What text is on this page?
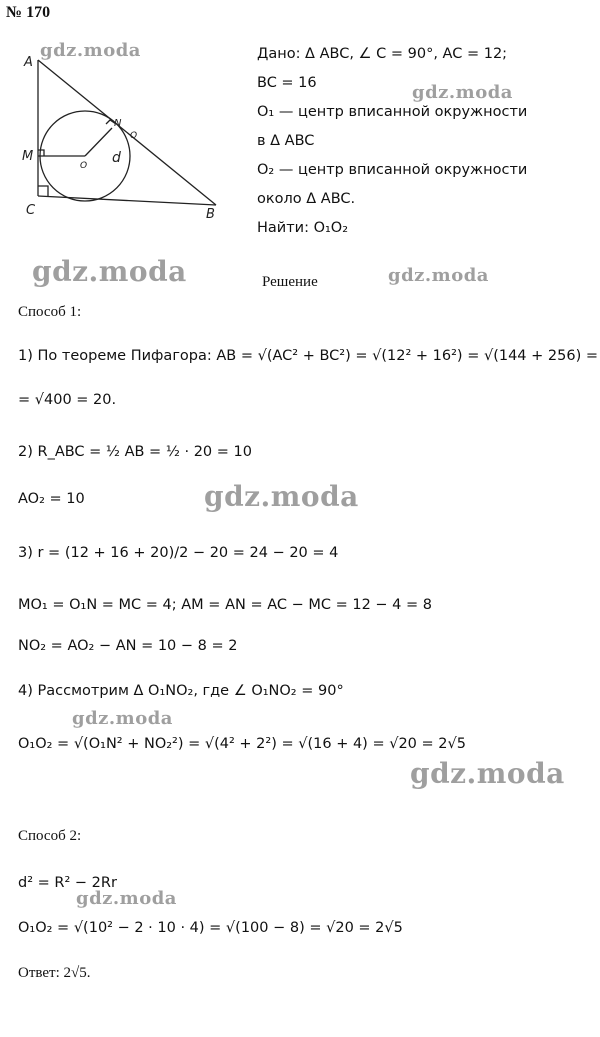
№ 170
A
M
C	B
N
O
O d
Дано: Δ ABC, ∠ C = 90°, AC = 12;
BC = 16
O₁ — центр вписанной окружности
в Δ ABC
O₂ — центр вписанной окружности
около Δ ABC.
Найти: O₁O₂
Решение
Способ 1:
1) По теореме Пифагора: AB = √(AC² + BC²) = √(12² + 16²) = √(144 + 256) =
= √400 = 20.
2) R_ABC = ½ AB = ½ · 20 = 10
AO₂ = 10
3) r = (12 + 16 + 20)/2 − 20 = 24 − 20 = 4
MO₁ = O₁N = MC = 4; AM = AN = AC − MC = 12 − 4 = 8
NO₂ = AO₂ − AN = 10 − 8 = 2
4) Рассмотрим Δ O₁NO₂, где ∠ O₁NO₂ = 90°
O₁O₂ = √(O₁N² + NO₂²) = √(4² + 2²) = √(16 + 4) = √20 = 2√5
Способ 2:
d² = R² − 2Rr
O₁O₂ = √(10² − 2 · 10 · 4) = √(100 − 8) = √20 = 2√5
Ответ: 2√5.
gdz.moda
gdz.moda
gdz.moda	gdz.moda
gdz.moda
gdz.moda
gdz.moda
gdz.moda
